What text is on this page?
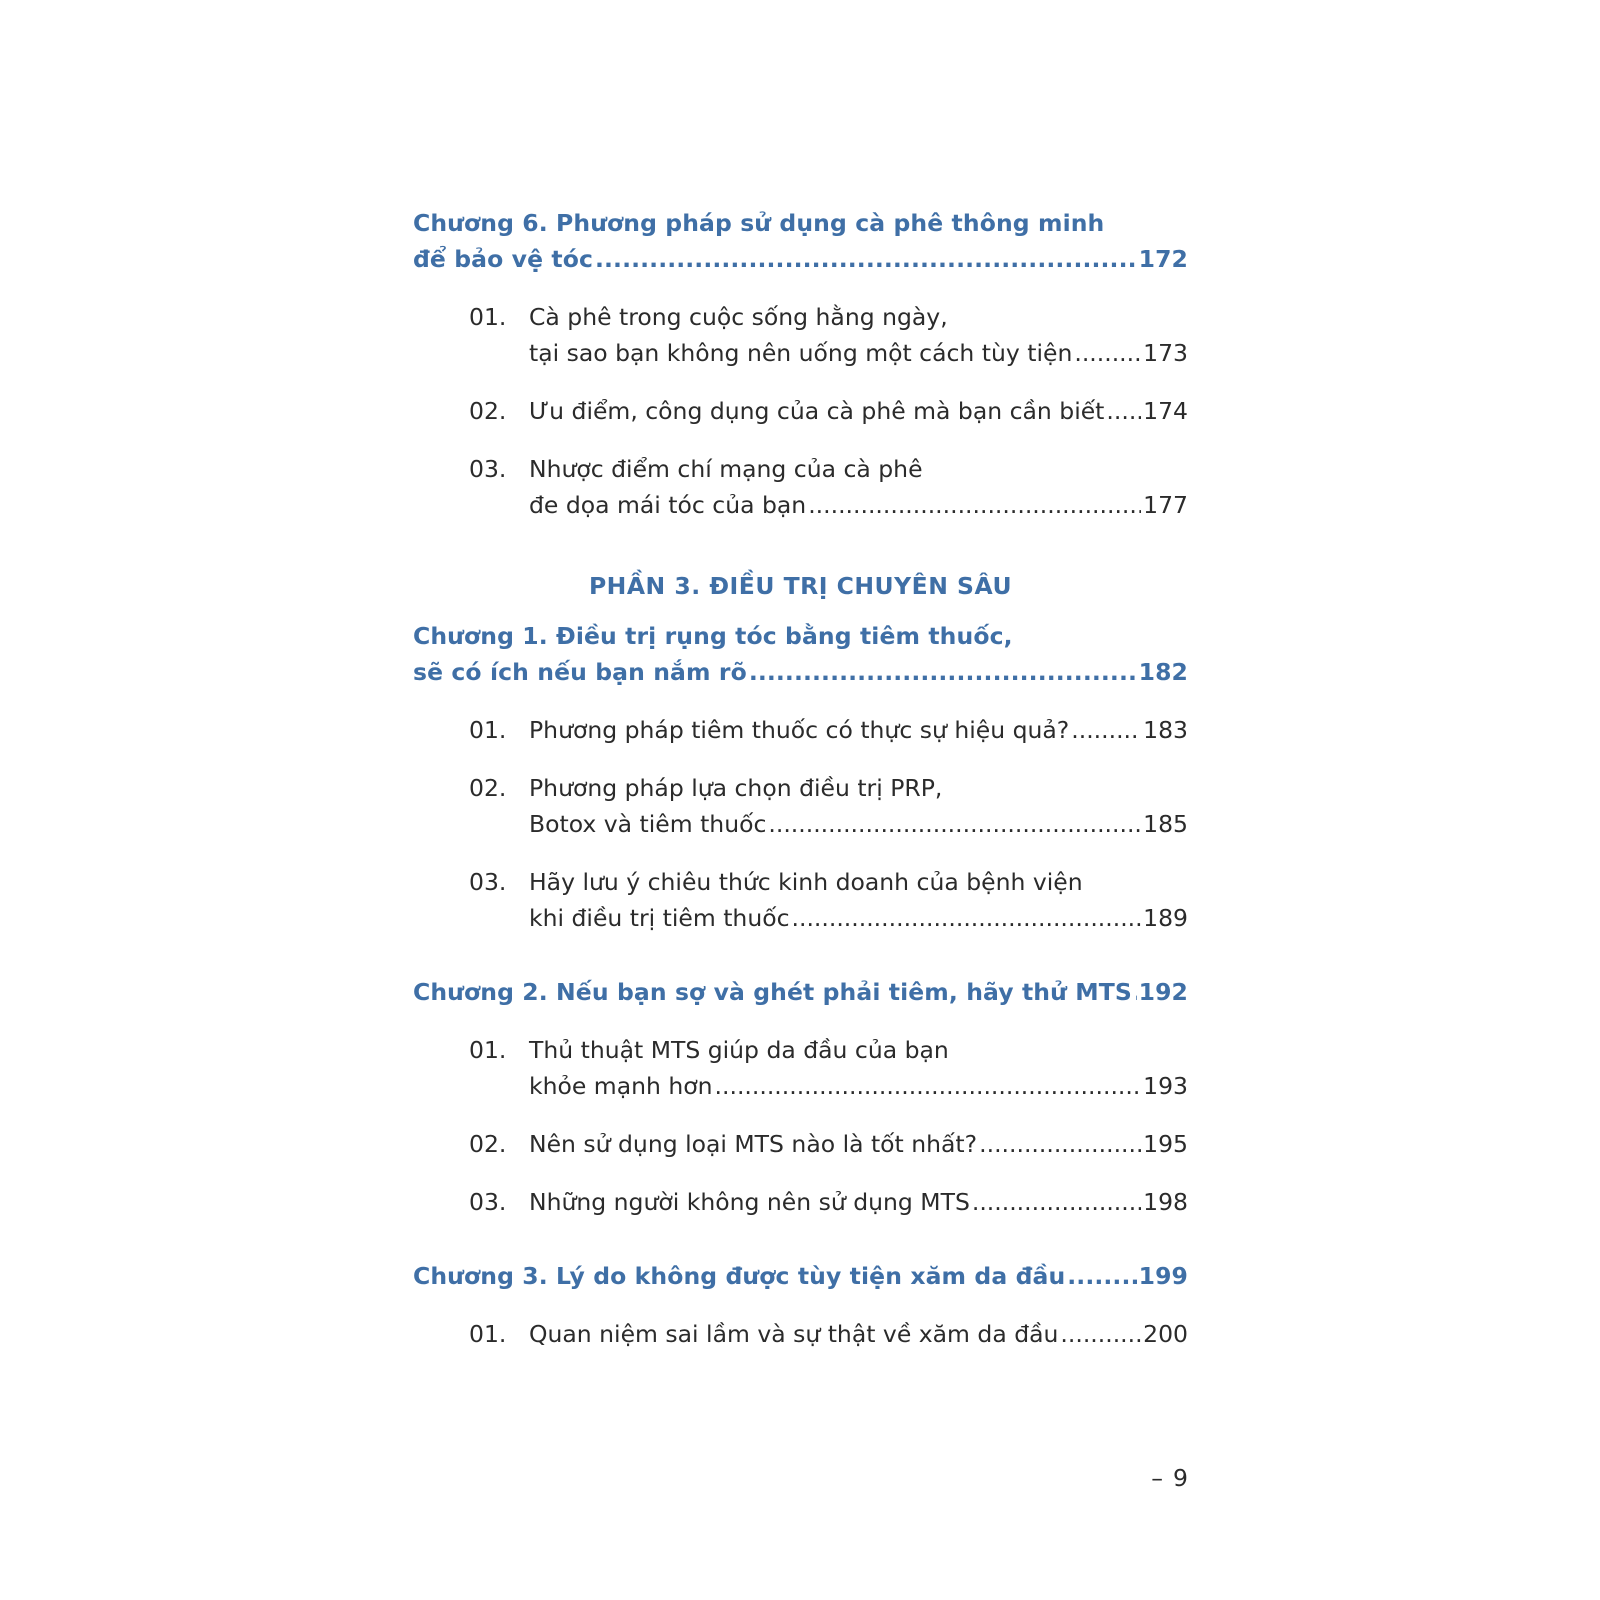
Chương 6. Phương pháp sử dụng cà phê thông minh
để bảo vệ tóc .....	172
01. Cà phê trong cuộc sống hằng ngày,
tại sao bạn không nên uống một cách tùy tiện .....	173
02. Ưu điểm, công dụng của cà phê mà bạn cần biết ..... 174
03. Nhược điểm chí mạng của cà phê
đe dọa mái tóc của bạn .....	177
PHẦN 3. ĐIỀU TRỊ CHUYÊN SÂU
Chương 1. Điều trị rụng tóc bằng tiêm thuốc,
sẽ có ích nếu bạn nắm rõ .....	182
01. Phương pháp tiêm thuốc có thực sự hiệu quả? .....	183
02. Phương pháp lựa chọn điều trị PRP,
Botox và tiêm thuốc .....	185
03. Hãy lưu ý chiêu thức kinh doanh của bệnh viện
khi điều trị tiêm thuốc .....	189
Chương 2. Nếu bạn sợ và ghét phải tiêm, hãy thử MTS ..... 192
01. Thủ thuật MTS giúp da đầu của bạn
khỏe mạnh hơn .....	193
02. Nên sử dụng loại MTS nào là tốt nhất? .....	195
03. Những người không nên sử dụng MTS .....	198
Chương 3. Lý do không được tùy tiện xăm da đầu .....	199
01. Quan niệm sai lầm và sự thật về xăm da đầu .....	200
– 9
